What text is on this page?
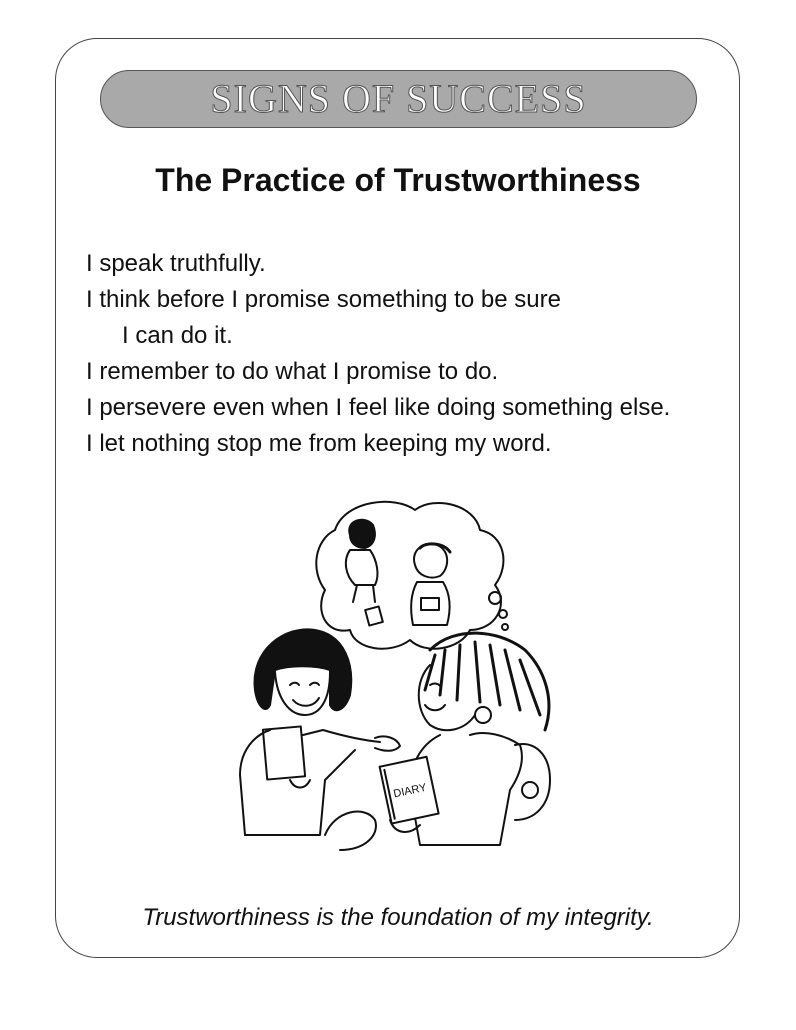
SIGNS OF SUCCESS
The Practice of Trustworthiness
I speak truthfully.
I think before I promise something to be sure
I can do it.
I remember to do what I promise to do.
I persevere even when I feel like doing something else.
I let nothing stop me from keeping my word.
DIARY
Trustworthiness is the foundation of my integrity.
